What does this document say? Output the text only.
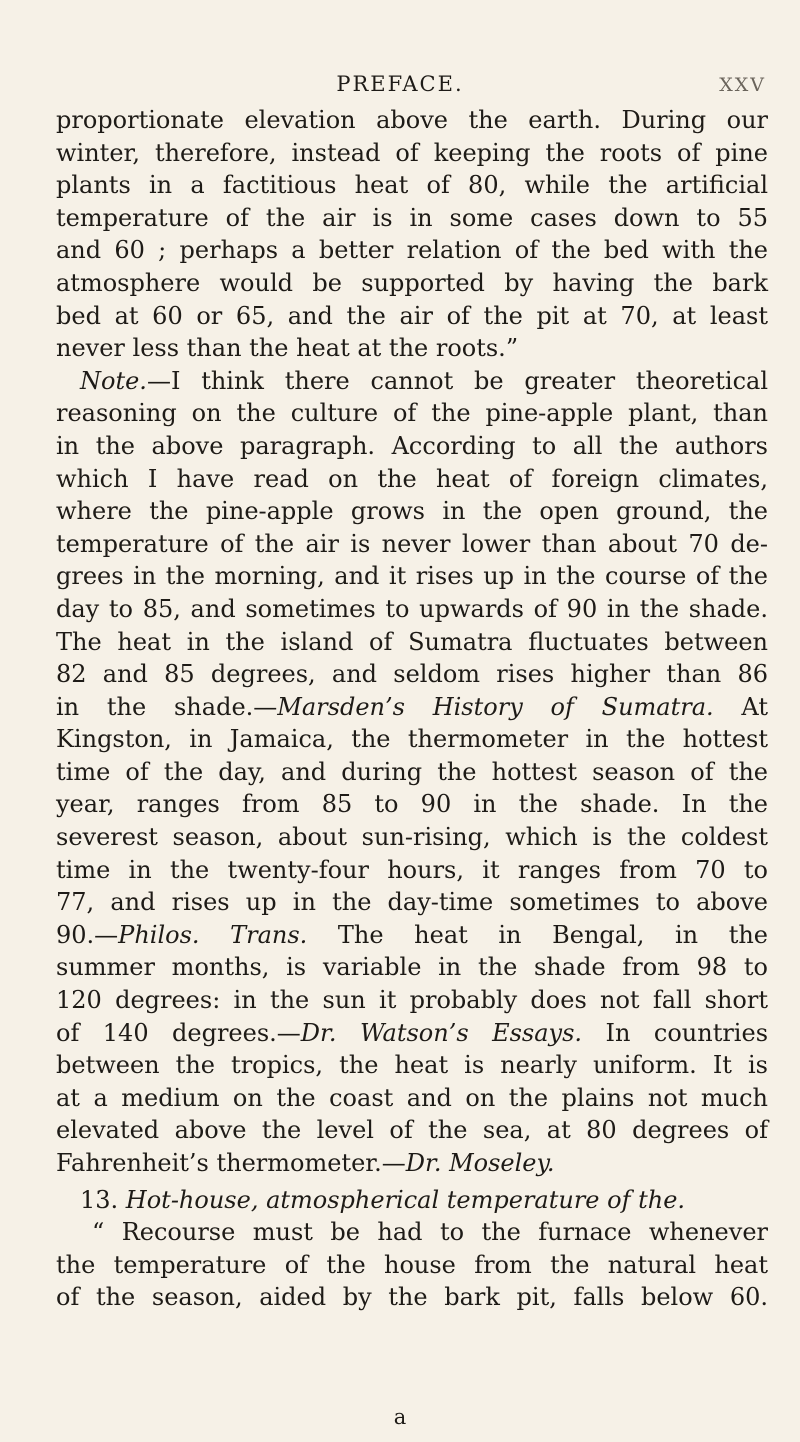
PREFACE.	XXV
proportionate elevation above the earth. During our
winter, therefore, instead of keeping the roots of pine
plants in a factitious heat of 80, while the artificial
temperature of the air is in some cases down to 55
and 60 ; perhaps a better relation of the bed with the
atmosphere would be supported by having the bark
bed at 60 or 65, and the air of the pit at 70, at least
never less than the heat at the roots.”
Note.—I think there cannot be greater theoretical
reasoning on the culture of the pine-apple plant, than
in the above paragraph. According to all the authors
which I have read on the heat of foreign climates,
where the pine-apple grows in the open ground, the
temperature of the air is never lower than about 70 de-
grees in the morning, and it rises up in the course of the
day to 85, and sometimes to upwards of 90 in the shade.
The heat in the island of Sumatra fluctuates between
82 and 85 degrees, and seldom rises higher than 86
in the shade.—Marsden’s History of Sumatra. At
Kingston, in Jamaica, the thermometer in the hottest
time of the day, and during the hottest season of the
year, ranges from 85 to 90 in the shade. In the
severest season, about sun-rising, which is the coldest
time in the twenty-four hours, it ranges from 70 to
77, and rises up in the day-time sometimes to above
90.—Philos. Trans. The heat in Bengal, in the
summer months, is variable in the shade from 98 to
120 degrees: in the sun it probably does not fall short
of 140 degrees.—Dr. Watson’s Essays. In countries
between the tropics, the heat is nearly uniform. It is
at a medium on the coast and on the plains not much
elevated above the level of the sea, at 80 degrees of
Fahrenheit’s thermometer.—Dr. Moseley.
13. Hot-house, atmospherical temperature of the.
“ Recourse must be had to the furnace whenever
the temperature of the house from the natural heat
of the season, aided by the bark pit, falls below 60.
a
